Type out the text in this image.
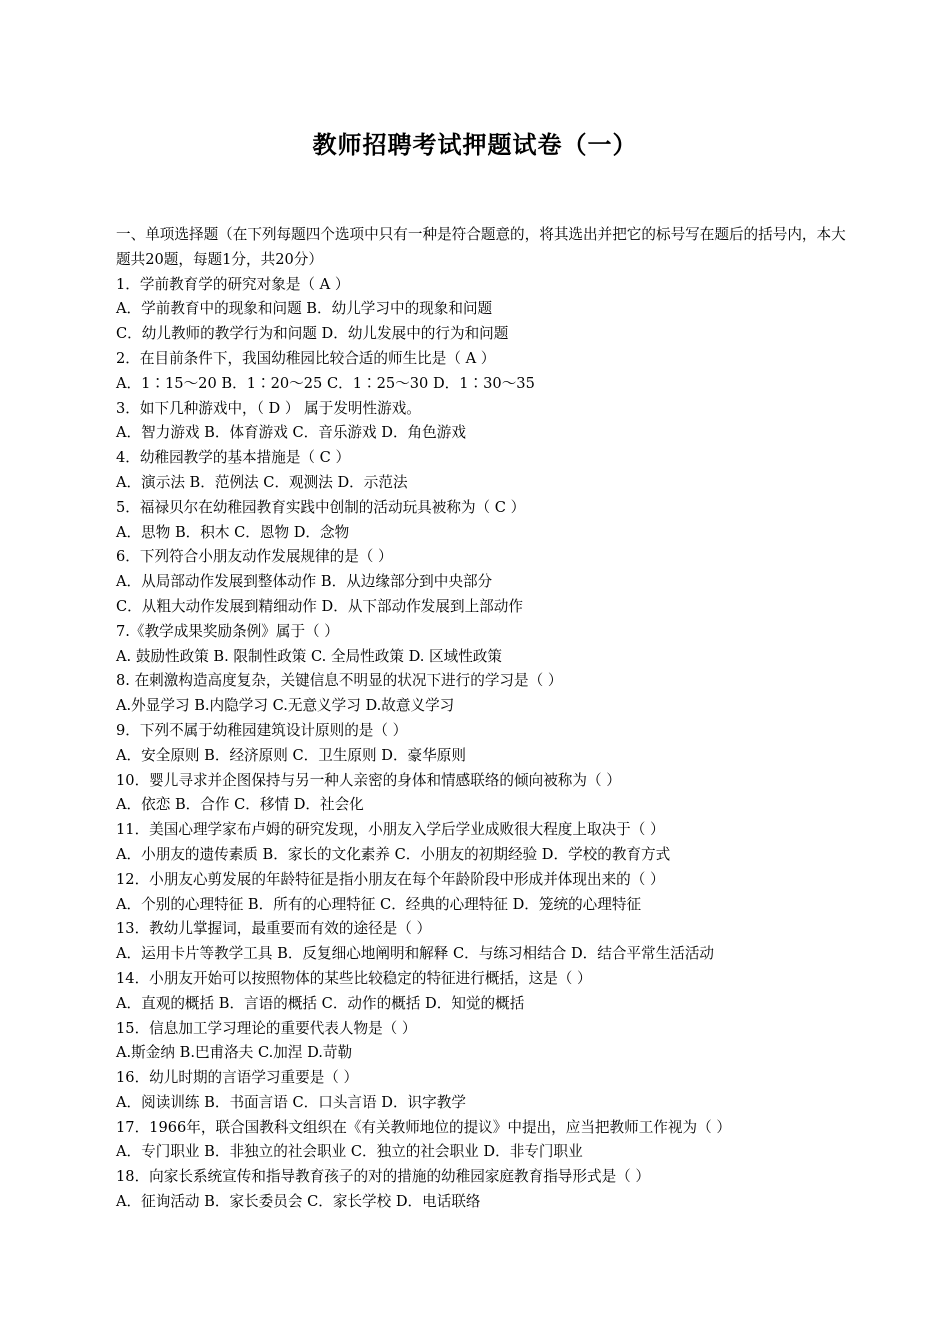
教师招聘考试押题试卷（一）
一、单项选择题（在下列每题四个选项中只有一种是符合题意的，将其选出并把它的标号写在题后的括号内，本大题共20题，每题1分，共20分）
1．学前教育学的研究对象是（ A ）
A．学前教育中的现象和问题 B．幼儿学习中的现象和问题
C．幼儿教师的教学行为和问题 D．幼儿发展中的行为和问题
2．在目前条件下，我国幼稚园比较合适的师生比是（ A ）
A．1∶15～20 B．1∶20～25 C．1∶25～30 D．1∶30～35
3．如下几种游戏中，（ D ） 属于发明性游戏。
A．智力游戏 B．体育游戏 C．音乐游戏 D．角色游戏
4．幼稚园教学的基本措施是（ C ）
A．演示法 B．范例法 C．观测法 D．示范法
5．福禄贝尔在幼稚园教育实践中创制的活动玩具被称为（ C ）
A．思物 B．积木 C．恩物 D．念物
6．下列符合小朋友动作发展规律的是（ ）
A．从局部动作发展到整体动作 B．从边缘部分到中央部分
C．从粗大动作发展到精细动作 D．从下部动作发展到上部动作
7.《教学成果奖励条例》属于（ ）
A. 鼓励性政策 B. 限制性政策 C. 全局性政策 D. 区域性政策
8. 在刺激构造高度复杂，关键信息不明显的状况下进行的学习是（ ）
A.外显学习 B.内隐学习 C.无意义学习 D.故意义学习
9．下列不属于幼稚园建筑设计原则的是（ ）
A．安全原则 B．经济原则 C．卫生原则 D．豪华原则
10．婴儿寻求并企图保持与另一种人亲密的身体和情感联络的倾向被称为（ ）
A．依恋 B．合作 C．移情 D．社会化
11．美国心理学家布卢姆的研究发现，小朋友入学后学业成败很大程度上取决于（ ）
A．小朋友的遗传素质 B．家长的文化素养 C．小朋友的初期经验 D．学校的教育方式
12．小朋友心剪发展的年龄特征是指小朋友在每个年龄阶段中形成并体现出来的（ ）
A．个别的心理特征 B．所有的心理特征 C．经典的心理特征 D．笼统的心理特征
13．教幼儿掌握词，最重要而有效的途径是（ ）
A．运用卡片等教学工具 B．反复细心地阐明和解释 C．与练习相结合 D．结合平常生活活动
14．小朋友开始可以按照物体的某些比较稳定的特征进行概括，这是（ ）
A．直观的概括 B．言语的概括 C．动作的概括 D．知觉的概括
15．信息加工学习理论的重要代表人物是（ ）
A.斯金纳 B.巴甫洛夫 C.加涅 D.苛勒
16．幼儿时期的言语学习重要是（ ）
A．阅读训练 B．书面言语 C．口头言语 D．识字教学
17．1966年，联合国教科文组织在《有关教师地位的提议》中提出，应当把教师工作视为（ ）
A．专门职业 B．非独立的社会职业 C．独立的社会职业 D．非专门职业
18．向家长系统宣传和指导教育孩子的对的措施的幼稚园家庭教育指导形式是（ ）
A．征询活动 B．家长委员会 C．家长学校 D．电话联络
